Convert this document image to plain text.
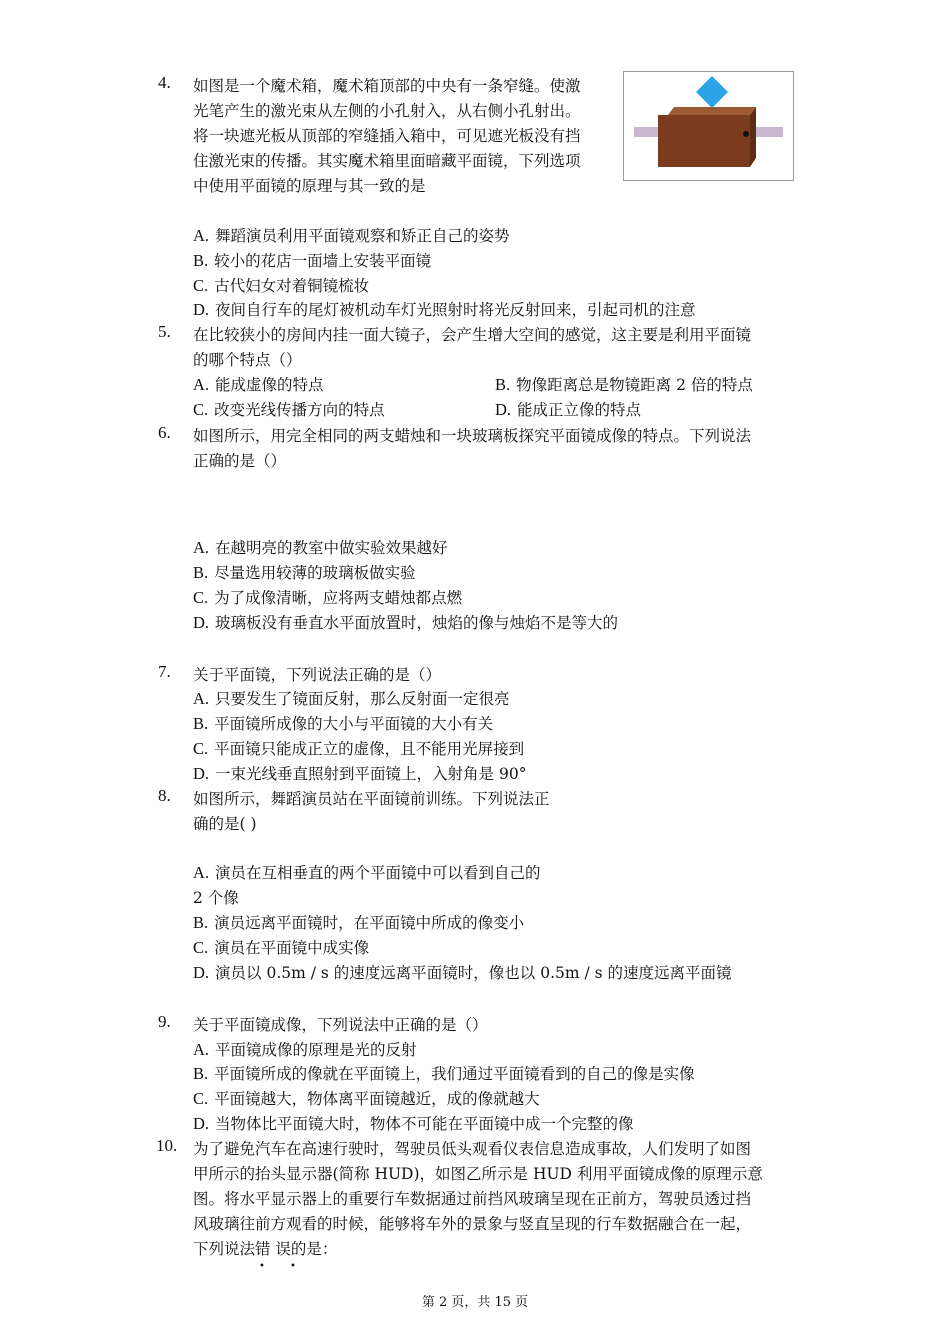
4. 如图是一个魔术箱，魔术箱顶部的中央有一条窄缝。使激
光笔产生的激光束从左侧的小孔射入，从右侧小孔射出。
将一块遮光板从顶部的窄缝插入箱中，可见遮光板没有挡
住激光束的传播。其实魔术箱里面暗藏平面镜，下列选项
中使用平面镜的原理与其一致的是
A. 舞蹈演员利用平面镜观察和矫正自己的姿势
B. 较小的花店一面墙上安装平面镜
C. 古代妇女对着铜镜梳妆
D. 夜间自行车的尾灯被机动车灯光照射时将光反射回来，引起司机的注意
5. 在比较狭小的房间内挂一面大镜子，会产生增大空间的感觉，这主要是利用平面镜
的哪个特点（）
A. 能成虚像的特点	B. 物像距离总是物镜距离 2 倍的特点
C. 改变光线传播方向的特点	D. 能成正立像的特点
6. 如图所示，用完全相同的两支蜡烛和一块玻璃板探究平面镜成像的特点。下列说法
正确的是（）
A. 在越明亮的教室中做实验效果越好
B. 尽量选用较薄的玻璃板做实验
C. 为了成像清晰，应将两支蜡烛都点燃
D. 玻璃板没有垂直水平面放置时，烛焰的像与烛焰不是等大的
7. 关于平面镜，下列说法正确的是（）
A. 只要发生了镜面反射，那么反射面一定很亮
B. 平面镜所成像的大小与平面镜的大小有关
C. 平面镜只能成正立的虚像，且不能用光屏接到
D. 一束光线垂直照射到平面镜上，入射角是 90°
8. 如图所示，舞蹈演员站在平面镜前训练。下列说法正
确的是( )
A. 演员在互相垂直的两个平面镜中可以看到自己的
2 个像
B. 演员远离平面镜时，在平面镜中所成的像变小
C. 演员在平面镜中成实像
D. 演员以 0.5m / s 的速度远离平面镜时，像也以 0.5m / s 的速度远离平面镜
9. 关于平面镜成像，下列说法中正确的是（）
A. 平面镜成像的原理是光的反射
B. 平面镜所成的像就在平面镜上，我们通过平面镜看到的自己的像是实像
C. 平面镜越大，物体离平面镜越近，成的像就越大
D. 当物体比平面镜大时，物体不可能在平面镜中成一个完整的像
10. 为了避免汽车在高速行驶时，驾驶员低头观看仪表信息造成事故，人们发明了如图
甲所示的抬头显示器(简称 HUD)，如图乙所示是 HUD 利用平面镜成像的原理示意
图。将水平显示器上的重要行车数据通过前挡风玻璃呈现在正前方，驾驶员透过挡
风玻璃往前方观看的时候，能够将车外的景象与竖直呈现的行车数据融合在一起，
下列说法错 误的是：
•	•
第 2 页，共 15 页
